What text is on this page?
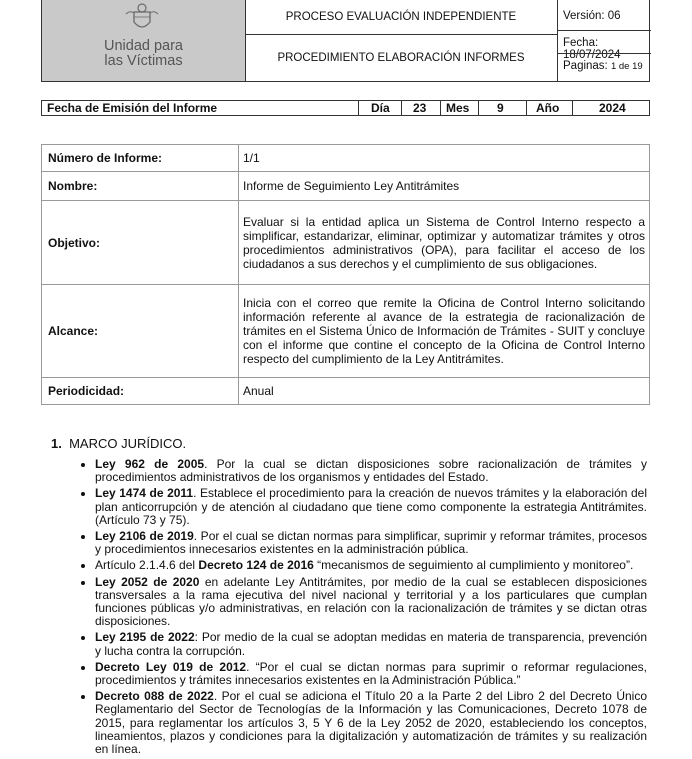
Unidad para
las Víctimas
PROCESO EVALUACIÓN INDEPENDIENTE
PROCEDIMIENTO ELABORACIÓN INFORMES
Versión: 06
Fecha: 18/07/2024
Paginas: 1 de 19
Fecha de Emisión del Informe	Día 23 Mes 9	Año	2024
Número de Informe:	1/1
Nombre:	Informe de Seguimiento Ley Antitrámites
Objetivo:	Evaluar si la entidad aplica un Sistema de Control Interno respecto a simplificar, estandarizar, eliminar, optimizar y automatizar trámites y otros procedimientos administrativos (OPA), para facilitar el acceso de los ciudadanos a sus derechos y el cumplimiento de sus obligaciones.
Alcance:	Inicia con el correo que remite la Oficina de Control Interno solicitando información referente al avance de la estrategia de racionalización de trámites en el Sistema Único de Información de Trámites - SUIT y concluye con el informe que contine el concepto de la Oficina de Control Interno respecto del cumplimiento de la Ley Antitrámites.
Periodicidad:	Anual
1. MARCO JURÍDICO.
• Ley 962 de 2005. Por la cual se dictan disposiciones sobre racionalización de trámites y procedimientos administrativos de los organismos y entidades del Estado.
• Ley 1474 de 2011. Establece el procedimiento para la creación de nuevos trámites y la elaboración del plan anticorrupción y de atención al ciudadano que tiene como componente la estrategia Antitrámites. (Artículo 73 y 75).
• Ley 2106 de 2019. Por el cual se dictan normas para simplificar, suprimir y reformar trámites, procesos y procedimientos innecesarios existentes en la administración pública.
• Artículo 2.1.4.6 del Decreto 124 de 2016 “mecanismos de seguimiento al cumplimiento y monitoreo”.
• Ley 2052 de 2020 en adelante Ley Antitrámites, por medio de la cual se establecen disposiciones transversales a la rama ejecutiva del nivel nacional y territorial y a los particulares que cumplan funciones públicas y/o administrativas, en relación con la racionalización de trámites y se dictan otras disposiciones.
• Ley 2195 de 2022: Por medio de la cual se adoptan medidas en materia de transparencia, prevención y lucha contra la corrupción.
• Decreto Ley 019 de 2012. “Por el cual se dictan normas para suprimir o reformar regulaciones, procedimientos y trámites innecesarios existentes en la Administración Pública.”
• Decreto 088 de 2022. Por el cual se adiciona el Título 20 a la Parte 2 del Libro 2 del Decreto Único Reglamentario del Sector de Tecnologías de la Información y las Comunicaciones, Decreto 1078 de 2015, para reglamentar los artículos 3, 5 Y 6 de la Ley 2052 de 2020, estableciendo los conceptos, lineamientos, plazos y condiciones para la digitalización y automatización de trámites y su realización en línea.
